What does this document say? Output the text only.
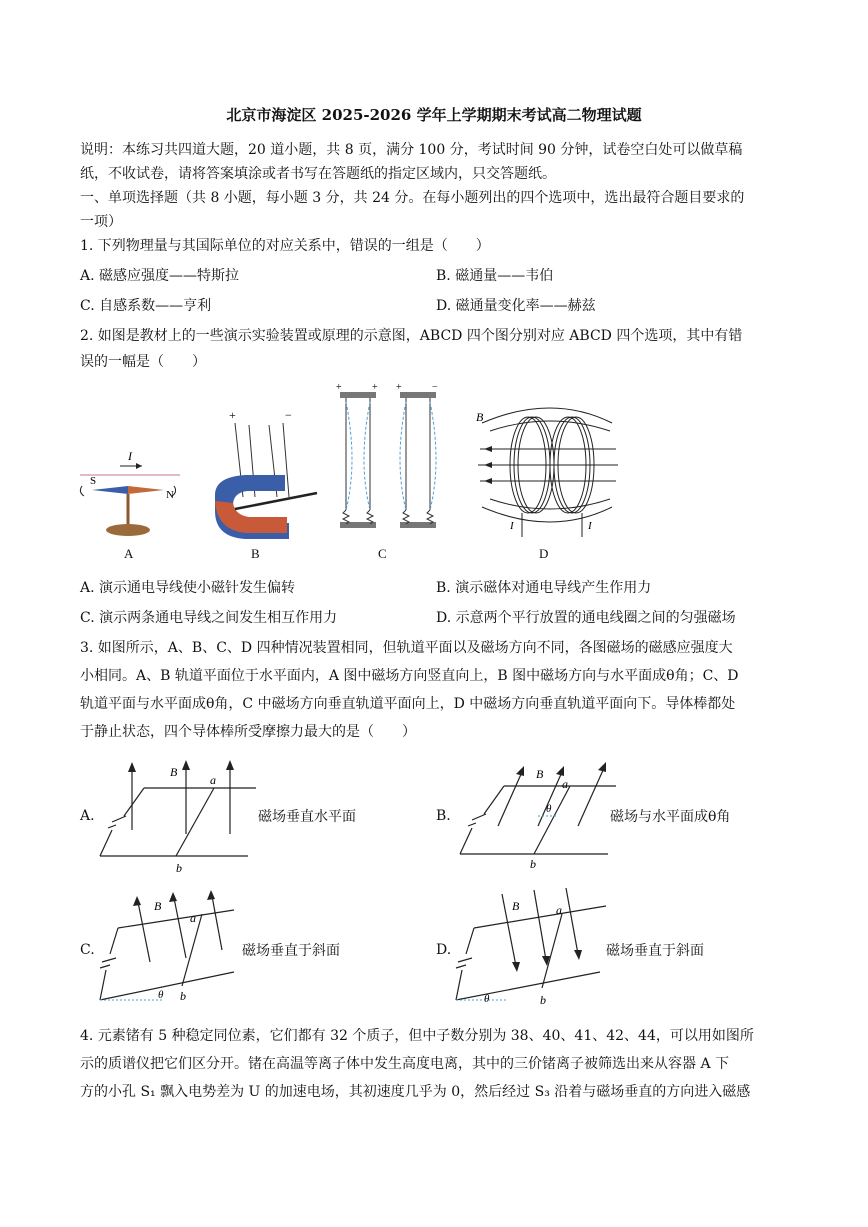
北京市海淀区 2025-2026 学年上学期期末考试高二物理试题
说明：本练习共四道大题，20 道小题，共 8 页，满分 100 分，考试时间 90 分钟，试卷空白处可以做草稿
纸，不收试卷，请将答案填涂或者书写在答题纸的指定区域内，只交答题纸。
一、单项选择题（共 8 小题，每小题 3 分，共 24 分。在每小题列出的四个选项中，选出最符合题目要求的
一项）
1. 下列物理量与其国际单位的对应关系中，错误的一组是（　　）
A. 磁感应强度——特斯拉	B. 磁通量——韦伯
C. 自感系数——亨利	D. 磁通量变化率——赫兹
2. 如图是教材上的一些演示实验装置或原理的示意图，ABCD 四个图分别对应 ABCD 四个选项，其中有错
误的一幅是（　　）
I
S
N
A
+	−
B
+	+ +	−
C
B
I	I
D
A. 演示通电导线使小磁针发生偏转	B. 演示磁体对通电导线产生作用力
C. 演示两条通电导线之间发生相互作用力	D. 示意两个平行放置的通电线圈之间的匀强磁场
3. 如图所示，A、B、C、D 四种情况装置相同，但轨道平面以及磁场方向不同，各图磁场的磁感应强度大
小相同。A、B 轨道平面位于水平面内，A 图中磁场方向竖直向上，B 图中磁场方向与水平面成θ角；C、D
轨道平面与水平面成θ角，C 中磁场方向垂直轨道平面向上，D 中磁场方向垂直轨道平面向下。导体棒都处
于静止状态，四个导体棒所受摩擦力最大的是（　　）
A.
B
a
b
磁场垂直水平面	B.
B
a
θ
b
磁场与水平面成θ角
C.
B
a
θ b
磁场垂直于斜面	D.
B	a
θ	b
磁场垂直于斜面
4. 元素锗有 5 种稳定同位素，它们都有 32 个质子，但中子数分别为 38、40、41、42、44，可以用如图所
示的质谱仪把它们区分开。锗在高温等离子体中发生高度电离，其中的三价锗离子被筛选出来从容器 A 下
方的小孔 S₁ 飘入电势差为 U 的加速电场，其初速度几乎为 0，然后经过 S₃ 沿着与磁场垂直的方向进入磁感
